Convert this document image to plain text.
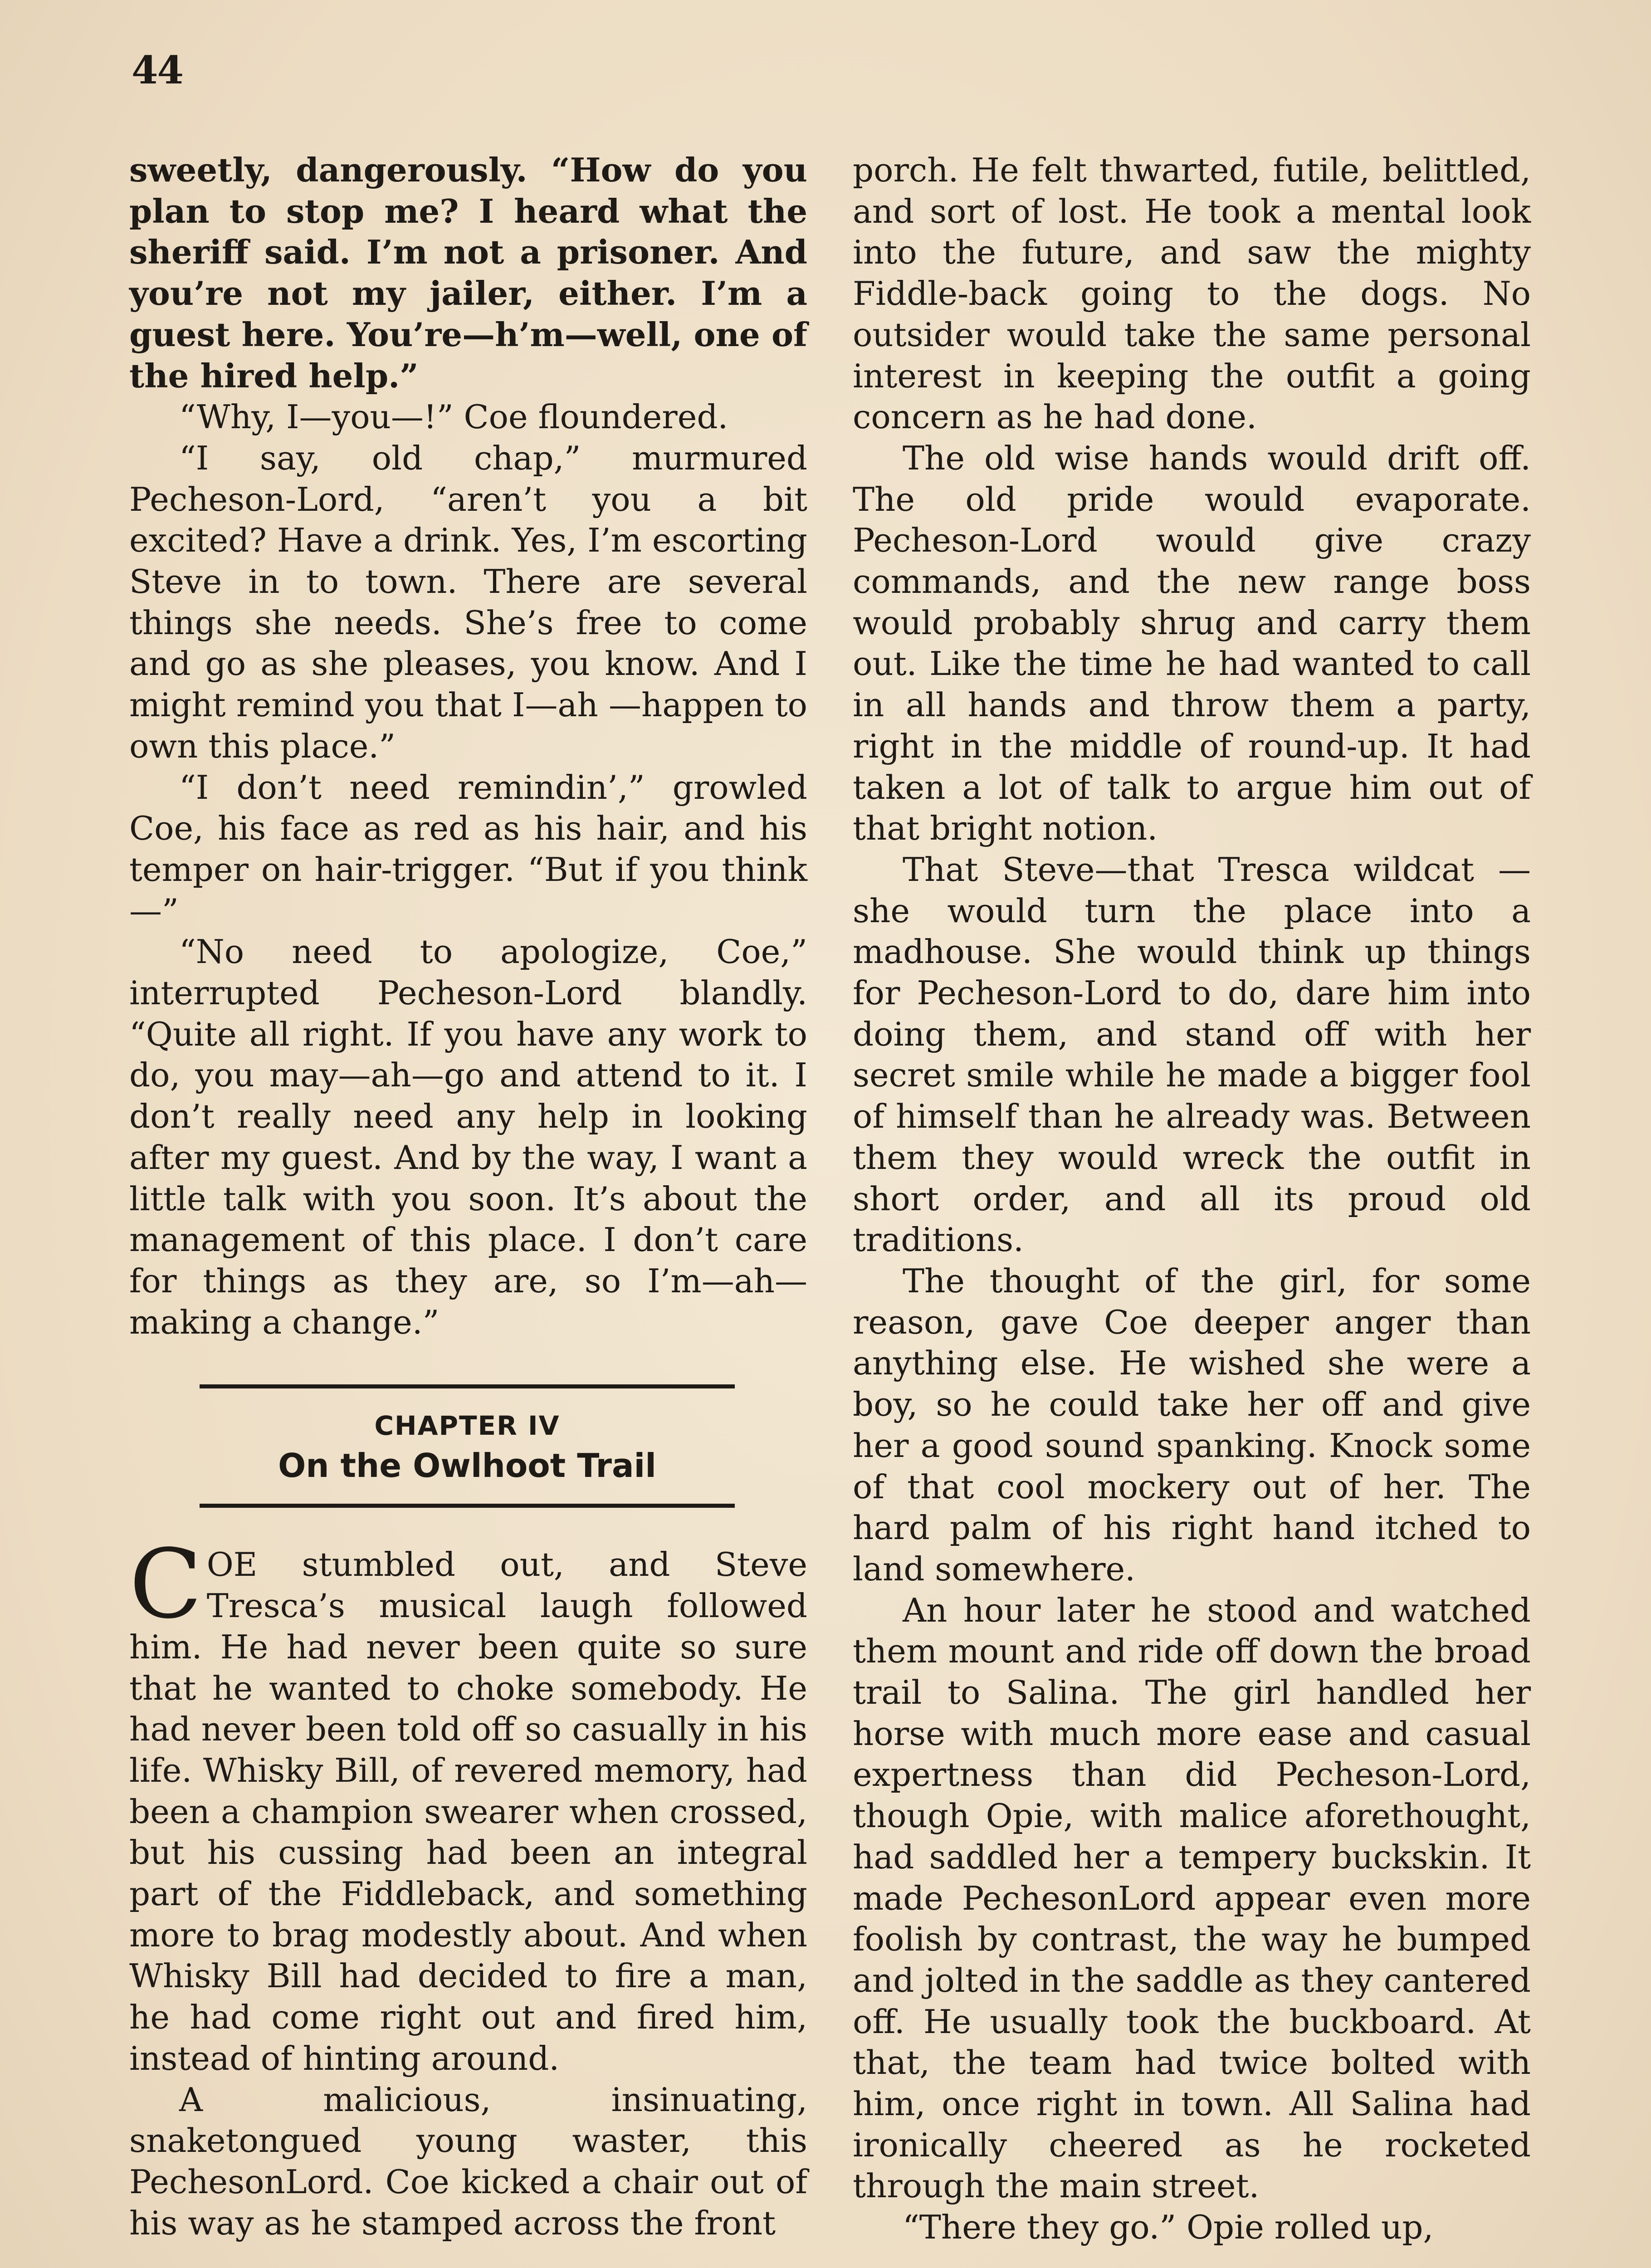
44

sweetly, dangerously. “How do you plan to stop me? I heard what the sheriff said. I’m not a prisoner. And you’re not my jailer, either. I’m a guest here. You’re—h’m—well, one of the hired help.”

“Why, I—you—!” Coe floundered.

“I say, old chap,” murmured Pecheson-Lord, “aren’t you a bit excited? Have a drink. Yes, I’m escorting Steve in to town. There are several things she needs. She’s free to come and go as she pleases, you know. And I might remind you that I—ah —happen to own this place.”

“I don’t need remindin’,” growled Coe, his face as red as his hair, and his temper on hair-trigger. “But if you think—”

“No need to apologize, Coe,” interrupted Pecheson-Lord blandly. “Quite all right. If you have any work to do, you may—ah—go and attend to it. I don’t really need any help in looking after my guest. And by the way, I want a little talk with you soon. It’s about the management of this place. I don’t care for things as they are, so I’m—ah—making a change.”

CHAPTER IV
On the Owlhoot Trail

COE stumbled out, and Steve Tresca’s musical laugh followed him. He had never been quite so sure that he wanted to choke somebody. He had never been told off so casually in his life. Whisky Bill, of revered memory, had been a champion swearer when crossed, but his cussing had been an integral part of the Fiddleback, and something more to brag modestly about. And when Whisky Bill had decided to fire a man, he had come right out and fired him, instead of hinting around.

A malicious, insinuating, snaketongued young waster, this PechesonLord. Coe kicked a chair out of his way as he stamped across the front

porch. He felt thwarted, futile, belittled, and sort of lost. He took a mental look into the future, and saw the mighty Fiddle-back going to the dogs. No outsider would take the same personal interest in keeping the outfit a going concern as he had done.

The old wise hands would drift off. The old pride would evaporate. Pecheson-Lord would give crazy commands, and the new range boss would probably shrug and carry them out. Like the time he had wanted to call in all hands and throw them a party, right in the middle of round-up. It had taken a lot of talk to argue him out of that bright notion.

That Steve—that Tresca wildcat —she would turn the place into a madhouse. She would think up things for Pecheson-Lord to do, dare him into doing them, and stand off with her secret smile while he made a bigger fool of himself than he already was. Between them they would wreck the outfit in short order, and all its proud old traditions.

The thought of the girl, for some reason, gave Coe deeper anger than anything else. He wished she were a boy, so he could take her off and give her a good sound spanking. Knock some of that cool mockery out of her. The hard palm of his right hand itched to land somewhere.

An hour later he stood and watched them mount and ride off down the broad trail to Salina. The girl handled her horse with much more ease and casual expertness than did Pecheson-Lord, though Opie, with malice aforethought, had saddled her a tempery buckskin. It made PechesonLord appear even more foolish by contrast, the way he bumped and jolted in the saddle as they cantered off. He usually took the buckboard. At that, the team had twice bolted with him, once right in town. All Salina had ironically cheered as he rocketed through the main street.

“There they go.” Opie rolled up,
